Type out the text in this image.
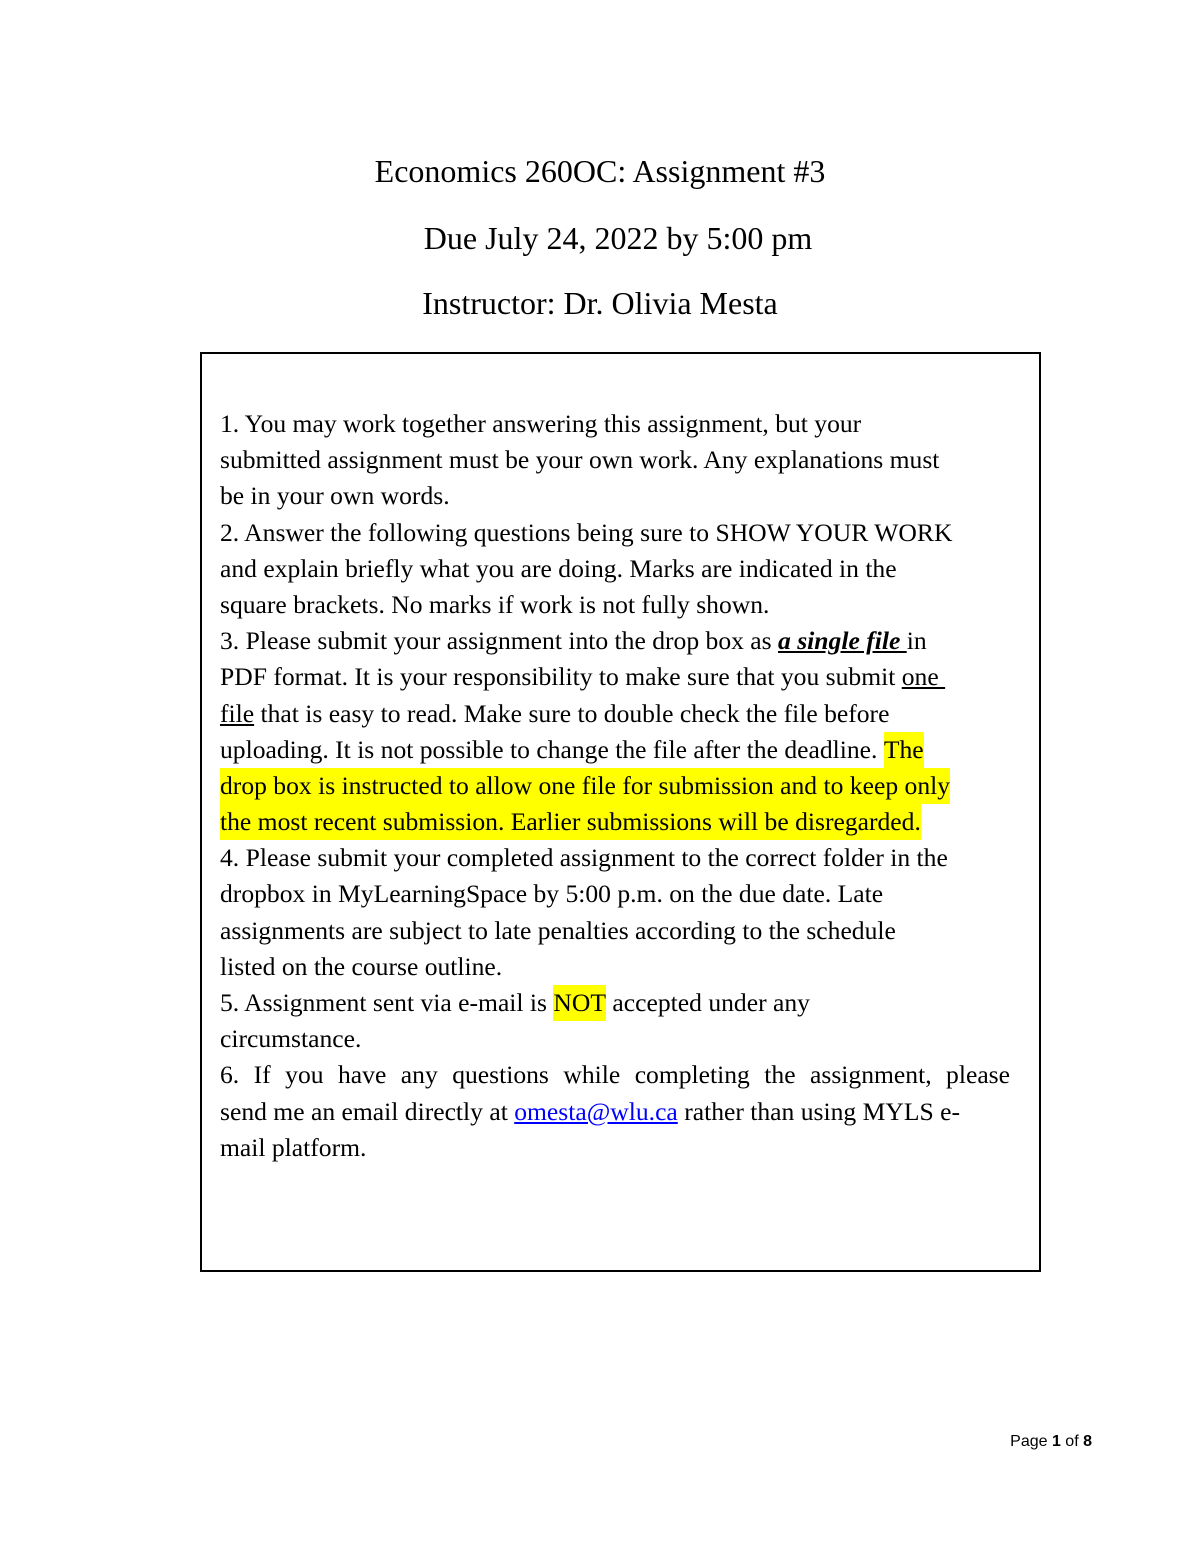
Economics 260OC: Assignment #3
Due July 24, 2022 by 5:00 pm
Instructor: Dr. Olivia Mesta
1. You may work together answering this assignment, but your
submitted assignment must be your own work. Any explanations must
be in your own words.
2. Answer the following questions being sure to SHOW YOUR WORK
and explain briefly what you are doing. Marks are indicated in the
square brackets. No marks if work is not fully shown.
3. Please submit your assignment into the drop box as a single file in
PDF format. It is your responsibility to make sure that you submit one
file that is easy to read. Make sure to double check the file before
uploading. It is not possible to change the file after the deadline. The
drop box is instructed to allow one file for submission and to keep only
the most recent submission. Earlier submissions will be disregarded.
4. Please submit your completed assignment to the correct folder in the
dropbox in MyLearningSpace by 5:00 p.m. on the due date. Late
assignments are subject to late penalties according to the schedule
listed on the course outline.
5. Assignment sent via e-mail is NOT accepted under any
circumstance.
6. If you have any questions while completing the assignment, please
send me an email directly at omesta@wlu.ca rather than using MYLS e-
mail platform.
Page 1 of 8
